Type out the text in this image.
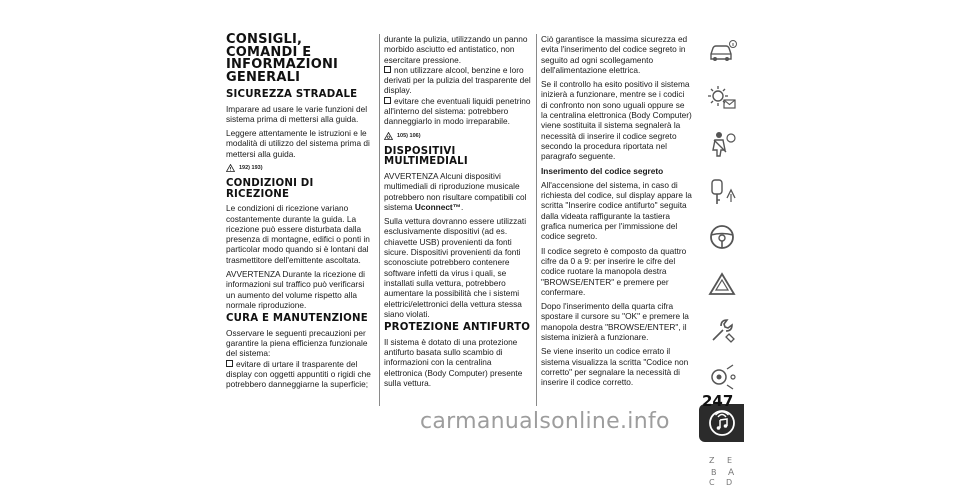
CONSIGLI,
COMANDI E
INFORMAZIONI
GENERALI
SICUREZZA STRADALE

Imparare ad usare le varie funzioni del sistema prima di mettersi alla guida.

Leggere attentamente le istruzioni e le modalità di utilizzo del sistema prima di mettersi alla guida.

192) 193)
CONDIZIONI DI
RICEZIONE

Le condizioni di ricezione variano costantemente durante la guida. La ricezione può essere disturbata dalla presenza di montagne, edifici o ponti in particolar modo quando si è lontani dal trasmettitore dell'emittente ascoltata.

AVVERTENZA Durante la ricezione di informazioni sul traffico può verificarsi un aumento del volume rispetto alla normale riproduzione.

CURA E MANUTENZIONE

Osservare le seguenti precauzioni per garantire la piena efficienza funzionale del sistema:

evitare di urtare il trasparente del display con oggetti appuntiti o rigidi che potrebbero danneggiarne la superficie;

durante la pulizia, utilizzando un panno morbido asciutto ed antistatico, non esercitare pressione.

non utilizzare alcool, benzine e loro derivati per la pulizia del trasparente del display.

evitare che eventuali liquidi penetrino all'interno del sistema: potrebbero danneggiarlo in modo irreparabile.

105) 106)
DISPOSITIVI
MULTIMEDIALI

AVVERTENZA Alcuni dispositivi multimediali di riproduzione musicale potrebbero non risultare compatibili col sistema Uconnect™.

Sulla vettura dovranno essere utilizzati esclusivamente dispositivi (ad es. chiavette USB) provenienti da fonti sicure. Dispositivi provenienti da fonti sconosciute potrebbero contenere software infetti da virus i quali, se installati sulla vettura, potrebbero aumentare la possibilità che i sistemi elettrici/elettronici della vettura stessa siano violati.

PROTEZIONE ANTIFURTO

Il sistema è dotato di una protezione antifurto basata sullo scambio di informazioni con la centralina elettronica (Body Computer) presente sulla vettura.

Ciò garantisce la massima sicurezza ed evita l'inserimento del codice segreto in seguito ad ogni scollegamento dell'alimentazione elettrica.

Se il controllo ha esito positivo il sistema inizierà a funzionare, mentre se i codici di confronto non sono uguali oppure se la centralina elettronica (Body Computer) viene sostituita il sistema segnalerà la necessità di inserire il codice segreto secondo la procedura riportata nel paragrafo seguente.

Inserimento del codice segreto

All'accensione del sistema, in caso di richiesta del codice, sul display appare la scritta "Inserire codice antifurto" seguita dalla videata raffigurante la tastiera grafica numerica per l'immissione del codice segreto.

Il codice segreto è composto da quattro cifre da 0 a 9: per inserire le cifre del codice ruotare la manopola destra "BROWSE/ENTER" e premere per confermare.

Dopo l'inserimento della quarta cifra spostare il cursore su "OK" e premere la manopola destra "BROWSE/ENTER", il sistema inizierà a funzionare.

Se viene inserito un codice errato il sistema visualizza la scritta "Codice non corretto" per segnalare la necessità di inserire il codice corretto.

Z E
B A
C D
247
carmanualsonline.info
